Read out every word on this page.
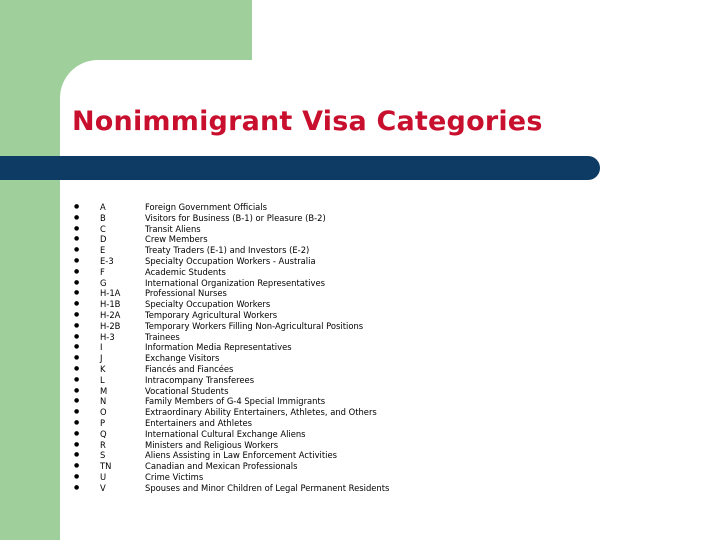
Nonimmigrant Visa Categories
● A	Foreign Government Officials
● B	Visitors for Business (B-1) or Pleasure (B-2)
● C	Transit Aliens
● D	Crew Members
● E	Treaty Traders (E-1) and Investors (E-2)
● E-3	Specialty Occupation Workers - Australia
● F	Academic Students
● G	International Organization Representatives
● H-1A	Professional Nurses
● H-1B	Specialty Occupation Workers
● H-2A	Temporary Agricultural Workers
● H-2B	Temporary Workers Filling Non-Agricultural Positions
● H-3	Trainees
● I	Information Media Representatives
● J	Exchange Visitors
● K	Fiancés and Fiancées
● L	Intracompany Transferees
● M	Vocational Students
● N	Family Members of G-4 Special Immigrants
● O	Extraordinary Ability Entertainers, Athletes, and Others
● P	Entertainers and Athletes
● Q	International Cultural Exchange Aliens
● R	Ministers and Religious Workers
● S	Aliens Assisting in Law Enforcement Activities
● TN	Canadian and Mexican Professionals
● U	Crime Victims
● V	Spouses and Minor Children of Legal Permanent Residents
